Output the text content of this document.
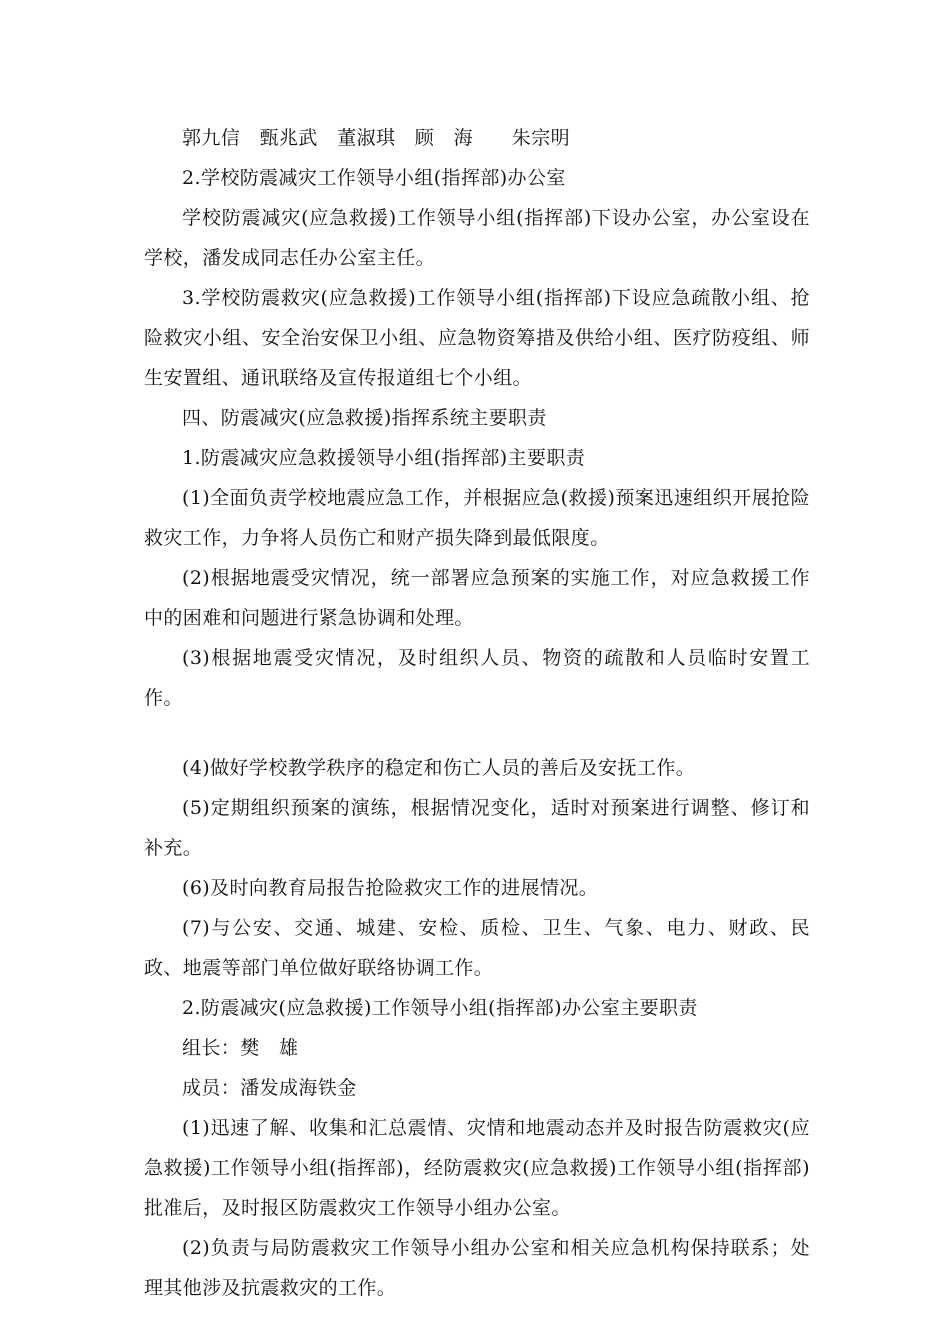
郭九信　甄兆武　董淑琪　顾　海　　朱宗明

2.学校防震减灾工作领导小组(指挥部)办公室

学校防震减灾(应急救援)工作领导小组(指挥部)下设办公室，办公室设在学校，潘发成同志任办公室主任。

3.学校防震救灾(应急救援)工作领导小组(指挥部)下设应急疏散小组、抢险救灾小组、安全治安保卫小组、应急物资筹措及供给小组、医疗防疫组、师生安置组、通讯联络及宣传报道组七个小组。

四、防震减灾(应急救援)指挥系统主要职责

1.防震减灾应急救援领导小组(指挥部)主要职责

(1)全面负责学校地震应急工作，并根据应急(救援)预案迅速组织开展抢险救灾工作，力争将人员伤亡和财产损失降到最低限度。

(2)根据地震受灾情况，统一部署应急预案的实施工作，对应急救援工作中的困难和问题进行紧急协调和处理。

(3)根据地震受灾情况，及时组织人员、物资的疏散和人员临时安置工作。

(4)做好学校教学秩序的稳定和伤亡人员的善后及安抚工作。

(5)定期组织预案的演练，根据情况变化，适时对预案进行调整、修订和补充。

(6)及时向教育局报告抢险救灾工作的进展情况。

(7)与公安、交通、城建、安检、质检、卫生、气象、电力、财政、民政、地震等部门单位做好联络协调工作。

2.防震减灾(应急救援)工作领导小组(指挥部)办公室主要职责

组长：樊　雄

成员：潘发成海铁金

(1)迅速了解、收集和汇总震情、灾情和地震动态并及时报告防震救灾(应急救援)工作领导小组(指挥部)，经防震救灾(应急救援)工作领导小组(指挥部)批准后，及时报区防震救灾工作领导小组办公室。

(2)负责与局防震救灾工作领导小组办公室和相关应急机构保持联系；处理其他涉及抗震救灾的工作。
